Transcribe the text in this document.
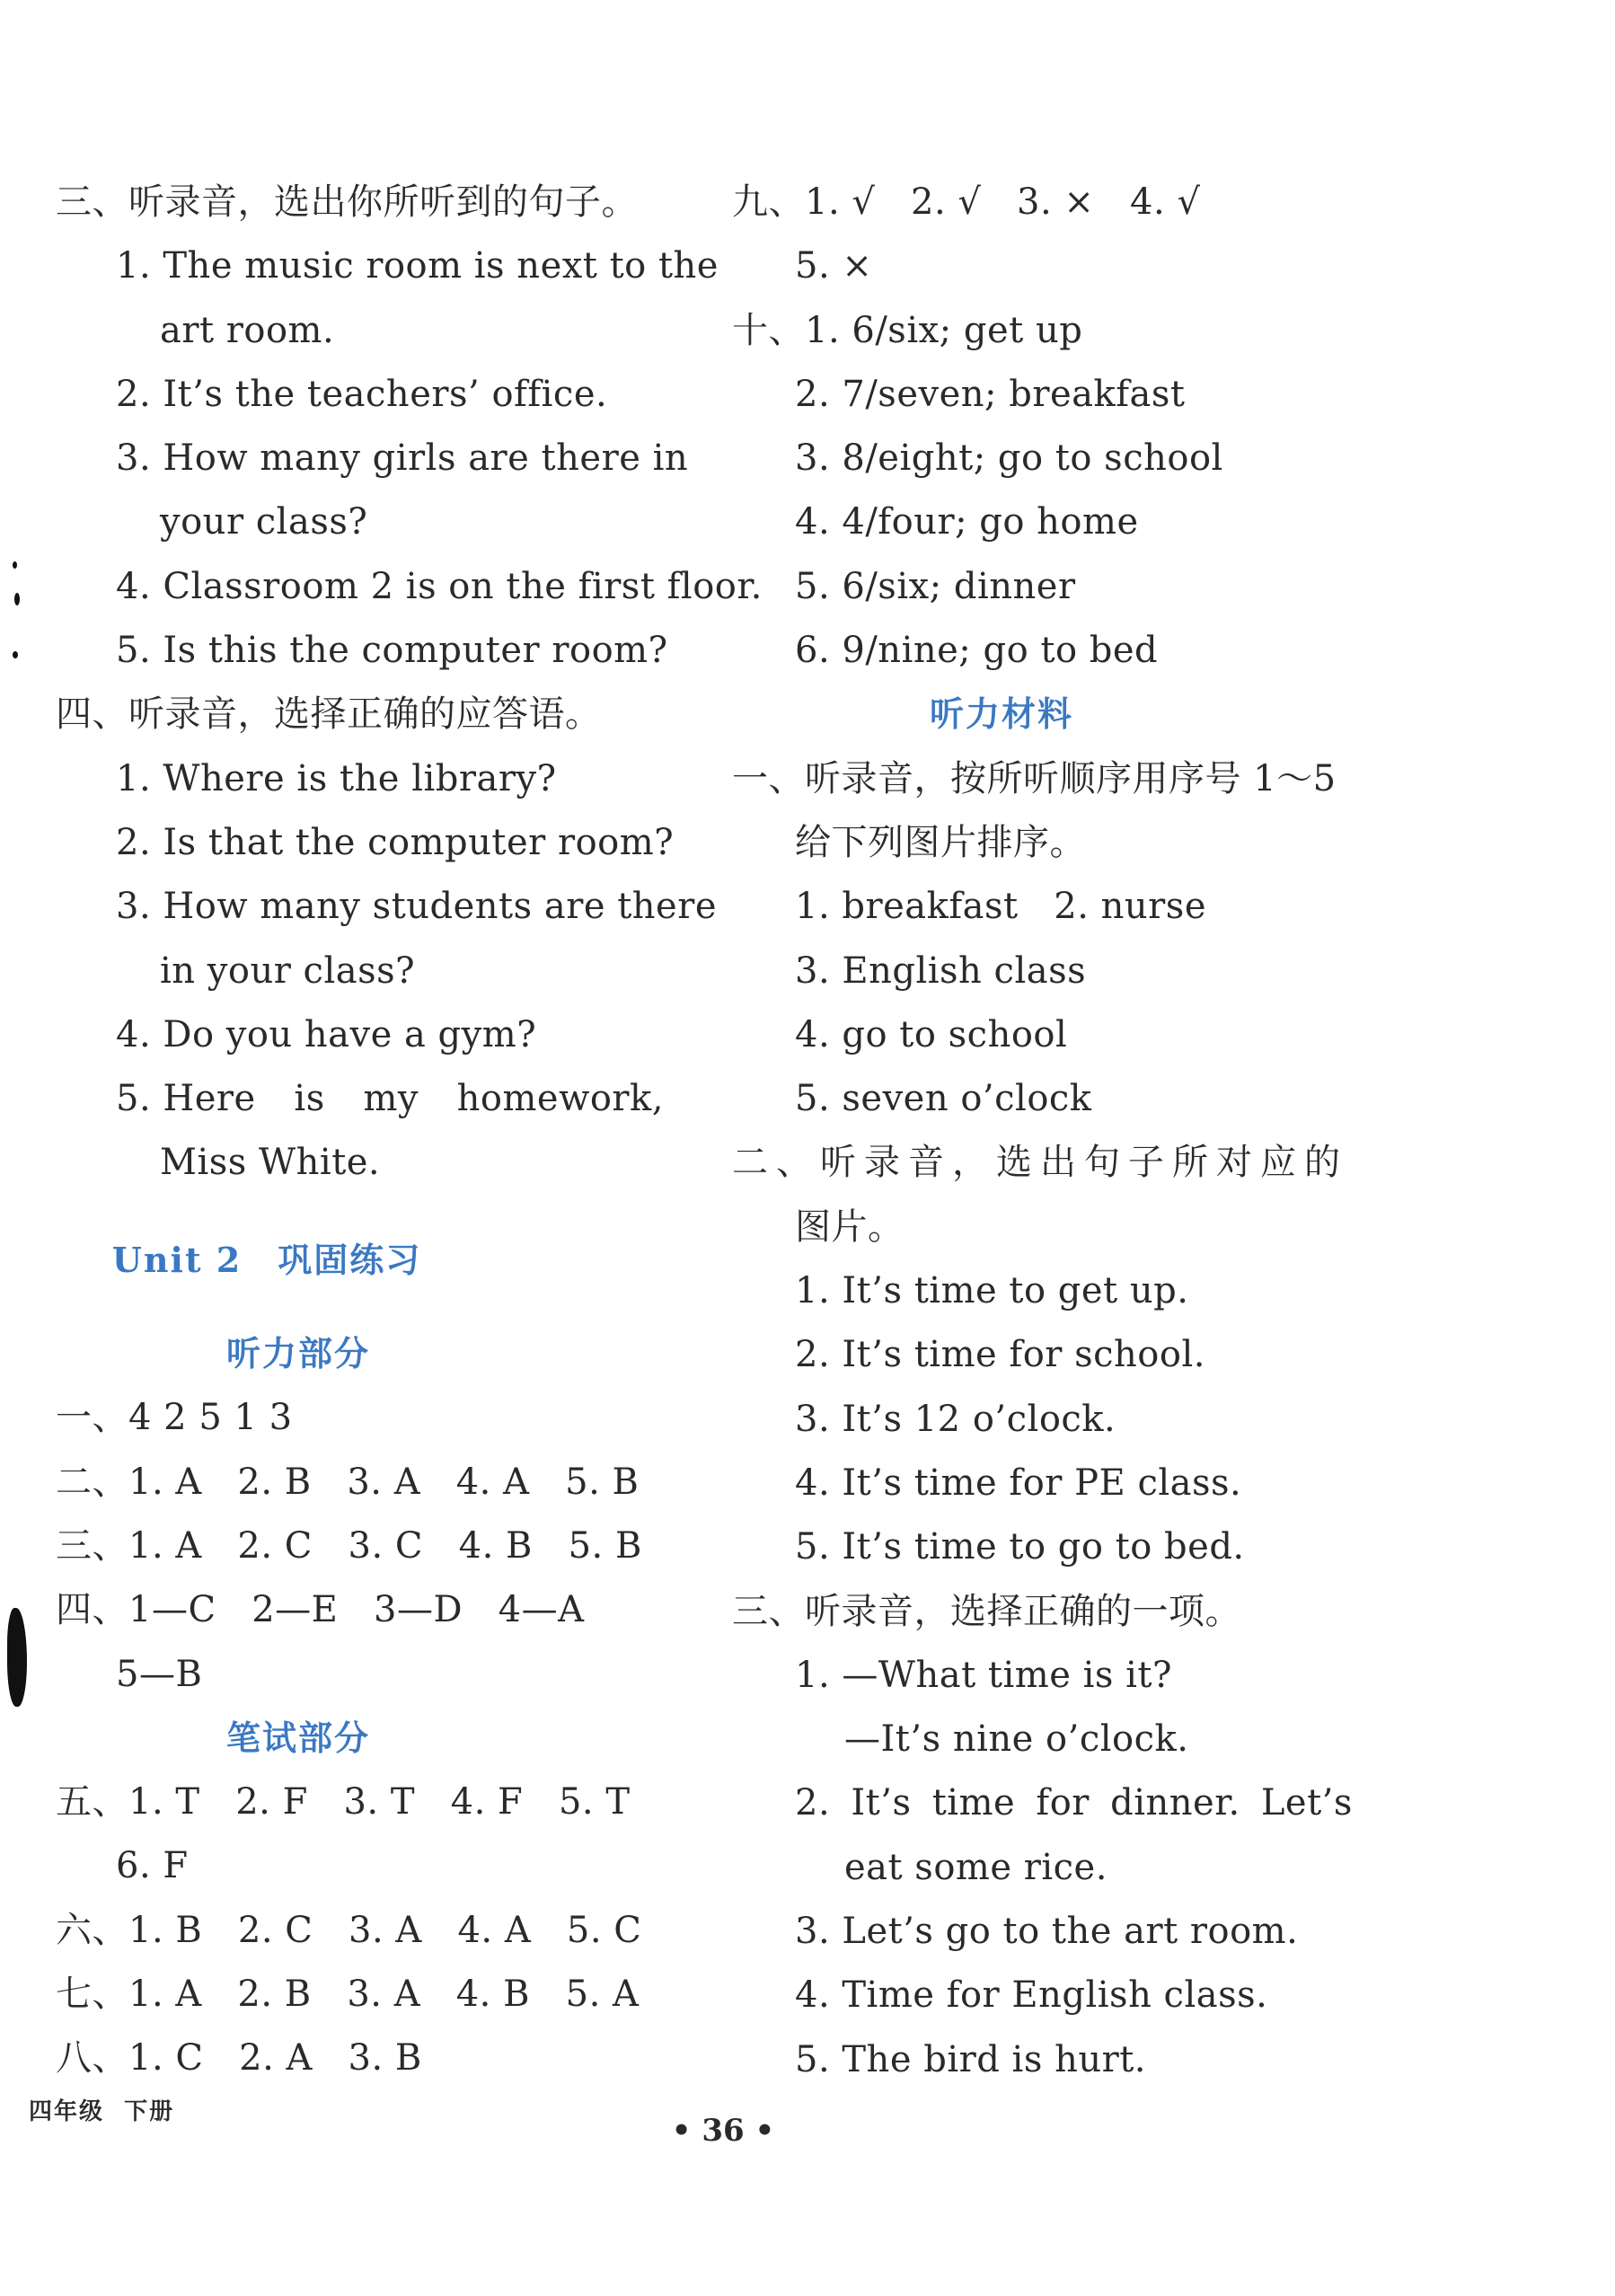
三、听录音，选出你所听到的句子。
1. The music room is next to the
art room.
2. It’s the teachers’ office.
3. How many girls are there in
your class?
4. Classroom 2 is on the first floor.
5. Is this the computer room?
四、听录音，选择正确的应答语。
1. Where is the library?
2. Is that the computer room?
3. How many students are there
in your class?
4. Do you have a gym?
5. Here is my homework,
Miss White.
Unit 2 巩固练习
听力部分
一、4 2 5 1 3
二、1. A   2. B   3. A   4. A   5. B
三、1. A   2. C   3. C   4. B   5. B
四、1—C   2—E   3—D   4—A
5—B
笔试部分
五、1. T   2. F   3. T   4. F   5. T
6. F
六、1. B   2. C   3. A   4. A   5. C
七、1. A   2. B   3. A   4. B   5. A
八、1. C   2. A   3. B
九、1. √   2. √   3. ×   4. √
5. ×
十、1. 6/six; get up
2. 7/seven; breakfast
3. 8/eight; go to school
4. 4/four; go home
5. 6/six; dinner
6. 9/nine; go to bed
听力材料
一、听录音，按所听顺序用序号 1～5
给下列图片排序。
1. breakfast   2. nurse
3. English class
4. go to school
5. seven o’clock
二、听录音，选出句子所对应的
图片。
1. It’s time to get up.
2. It’s time for school.
3. It’s 12 o’clock.
4. It’s time for PE class.
5. It’s time to go to bed.
三、听录音，选择正确的一项。
1. —What time is it?
—It’s nine o’clock.
2. It’s time for dinner. Let’s
eat some rice.
3. Let’s go to the art room.
4. Time for English class.
5. The bird is hurt.
四年级  下册
• 36 •
